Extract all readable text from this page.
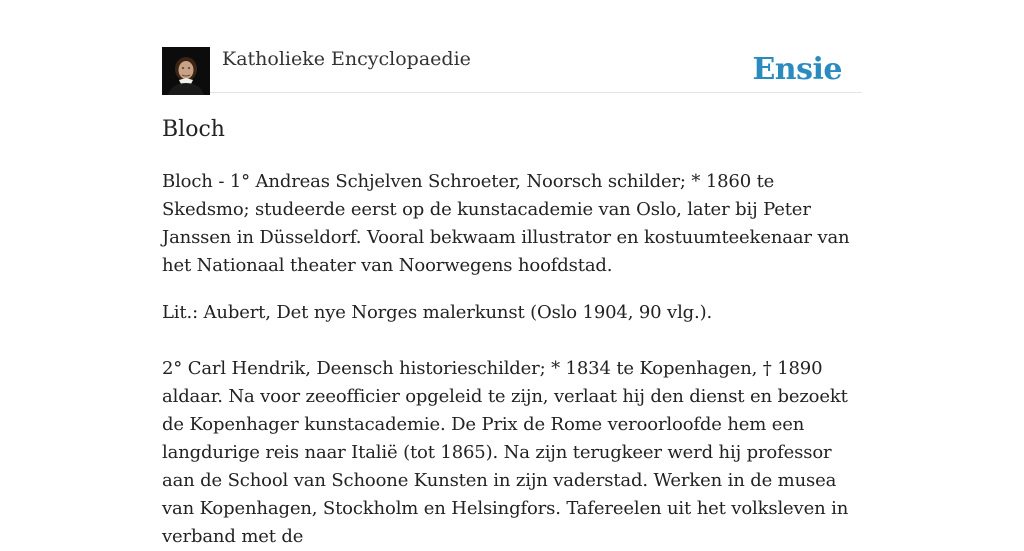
Katholieke Encyclopaedie	Ensie
Bloch

Bloch - 1° Andreas Schjelven Schroeter, Noorsch schilder; * 1860 te Skedsmo; studeerde eerst op de kunstacademie van Oslo, later bij Peter Janssen in Düsseldorf. Vooral bekwaam illustrator en kostuumteekenaar van het Nationaal theater van Noorwegens hoofdstad.

Lit.: Aubert, Det nye Norges malerkunst (Oslo 1904, 90 vlg.).

2° Carl Hendrik, Deensch historieschilder; * 1834 te Kopenhagen, † 1890 aldaar. Na voor zeeofficier opgeleid te zijn, verlaat hij den dienst en bezoekt de Kopenhager kunstacademie. De Prix de Rome veroorloofde hem een langdurige reis naar Italië (tot 1865). Na zijn terugkeer werd hij professor aan de School van Schoone Kunsten in zijn vaderstad. Werken in de musea van Kopenhagen, Stockholm en Helsingfors. Tafereelen uit het volksleven in verband met de
